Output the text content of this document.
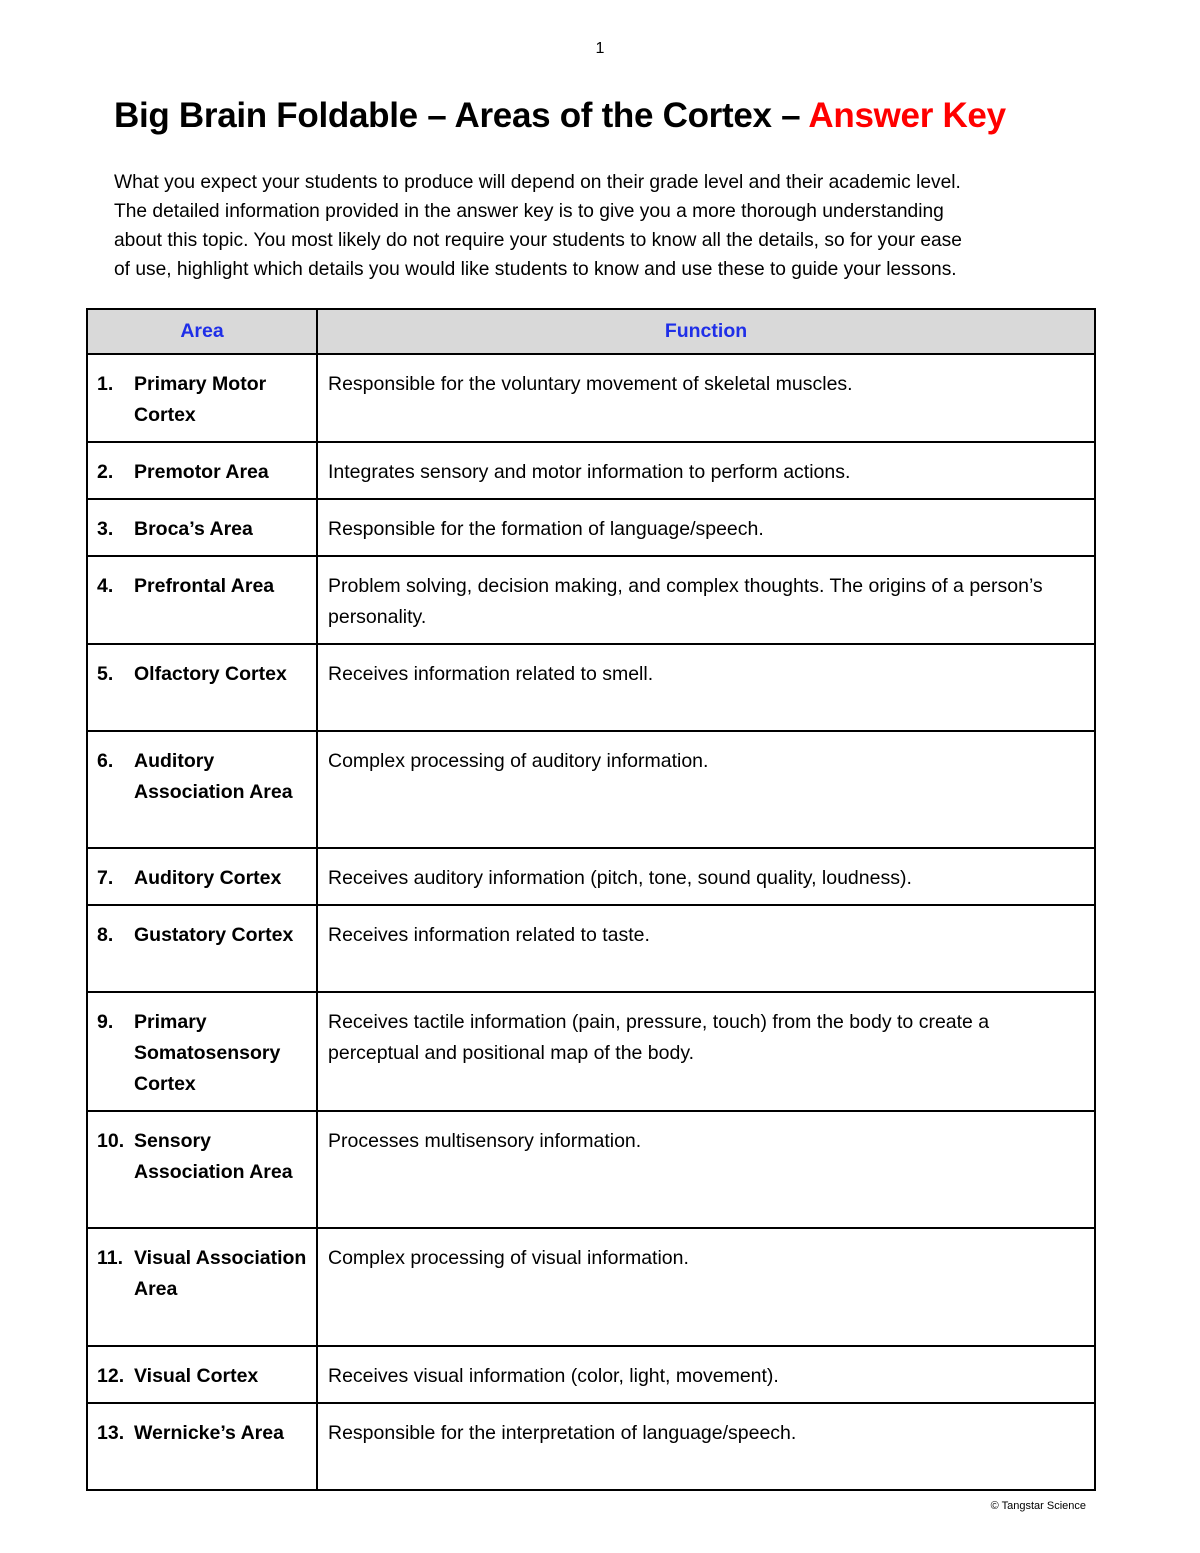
1
Big Brain Foldable – Areas of the Cortex – Answer Key
What you expect your students to produce will depend on their grade level and their academic level.
The detailed information provided in the answer key is to give you a more thorough understanding
about this topic. You most likely do not require your students to know all the details, so for your ease
of use, highlight which details you would like students to know and use these to guide your lessons.
Area	Function

1. Primary Motor Cortex	Responsible for the voluntary movement of skeletal muscles.

2. Premotor Area	Integrates sensory and motor information to perform actions.

3. Broca’s Area	Responsible for the formation of language/speech.

4. Prefrontal Area	Problem solving, decision making, and complex thoughts. The origins of a person’s personality.

5. Olfactory Cortex	Receives information related to smell.

6. Auditory Association Area	Complex processing of auditory information.

7. Auditory Cortex	Receives auditory information (pitch, tone, sound quality, loudness).

8. Gustatory Cortex	Receives information related to taste.

9. Primary Somatosensory Cortex	Receives tactile information (pain, pressure, touch) from the body to create a perceptual and positional map of the body.

10. Sensory Association Area	Processes multisensory information.

11. Visual Association Area	Complex processing of visual information.

12. Visual Cortex	Receives visual information (color, light, movement).

13. Wernicke’s Area	Responsible for the interpretation of language/speech.
© Tangstar Science
